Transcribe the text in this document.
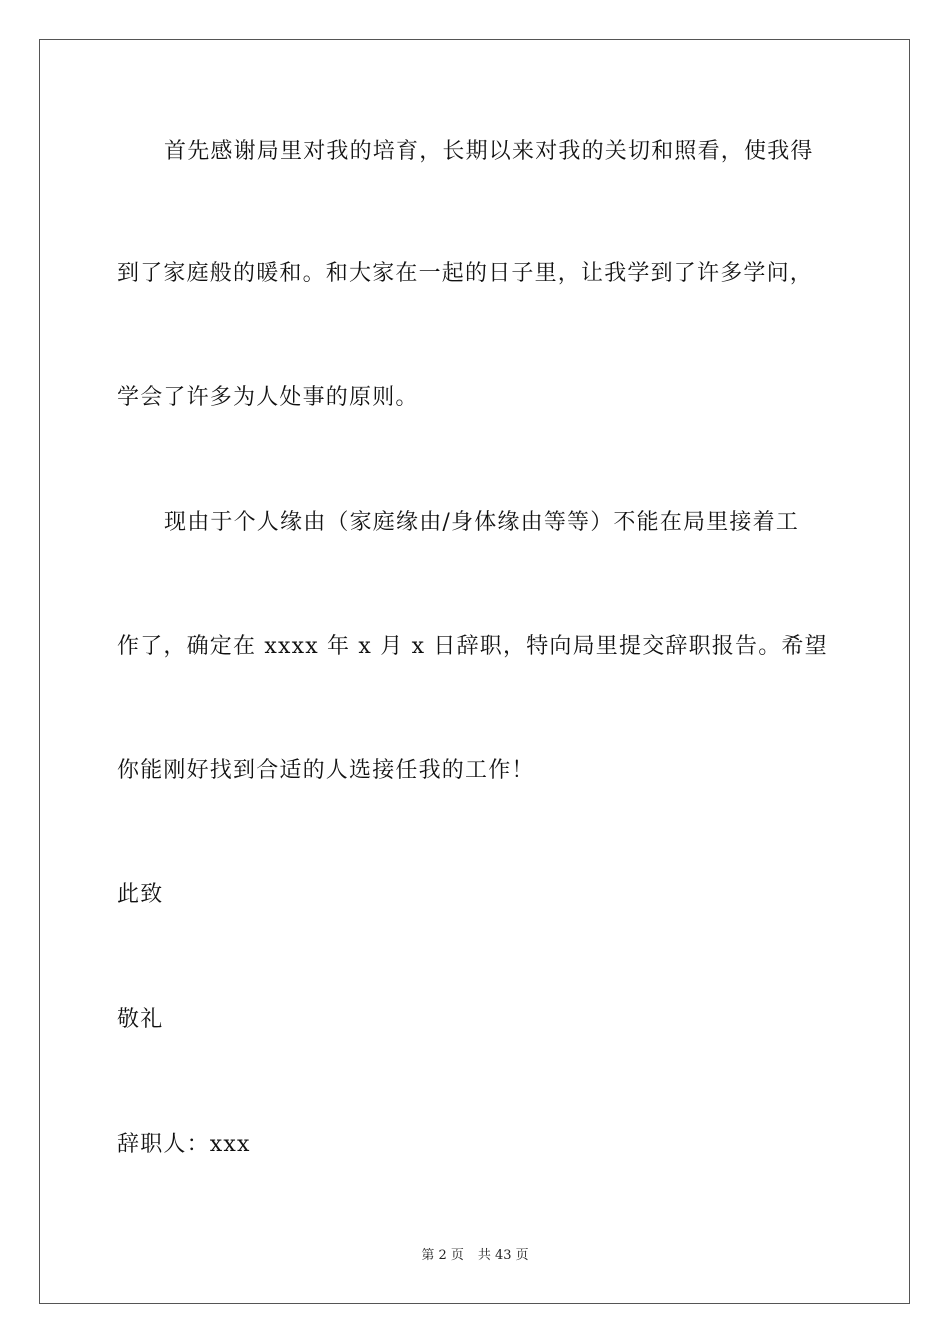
首先感谢局里对我的培育，长期以来对我的关切和照看，使我得
到了家庭般的暖和。和大家在一起的日子里，让我学到了许多学问，
学会了许多为人处事的原则。
现由于个人缘由（家庭缘由/身体缘由等等）不能在局里接着工
作了，确定在 xxxx 年 x 月 x 日辞职，特向局里提交辞职报告。希望
你能刚好找到合适的人选接任我的工作！
此致
敬礼
辞职人：xxx
第 2 页 共 43 页
